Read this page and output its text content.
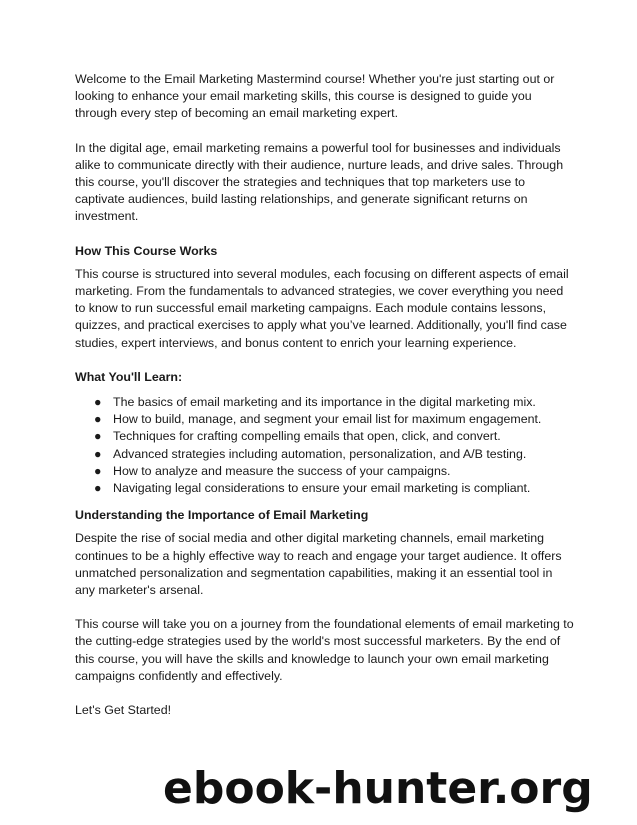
Welcome to the Email Marketing Mastermind course! Whether you're just starting out or looking to enhance your email marketing skills, this course is designed to guide you through every step of becoming an email marketing expert.

In the digital age, email marketing remains a powerful tool for businesses and individuals alike to communicate directly with their audience, nurture leads, and drive sales. Through this course, you'll discover the strategies and techniques that top marketers use to captivate audiences, build lasting relationships, and generate significant returns on investment.

How This Course Works

This course is structured into several modules, each focusing on different aspects of email marketing. From the fundamentals to advanced strategies, we cover everything you need to know to run successful email marketing campaigns. Each module contains lessons, quizzes, and practical exercises to apply what you’ve learned. Additionally, you'll find case studies, expert interviews, and bonus content to enrich your learning experience.

What You'll Learn:

● The basics of email marketing and its importance in the digital marketing mix.
● How to build, manage, and segment your email list for maximum engagement.
● Techniques for crafting compelling emails that open, click, and convert.
● Advanced strategies including automation, personalization, and A/B testing.
● How to analyze and measure the success of your campaigns.
● Navigating legal considerations to ensure your email marketing is compliant.

Understanding the Importance of Email Marketing

Despite the rise of social media and other digital marketing channels, email marketing continues to be a highly effective way to reach and engage your target audience. It offers unmatched personalization and segmentation capabilities, making it an essential tool in any marketer's arsenal.

This course will take you on a journey from the foundational elements of email marketing to the cutting-edge strategies used by the world's most successful marketers. By the end of this course, you will have the skills and knowledge to launch your own email marketing campaigns confidently and effectively.

Let's Get Started!

ebook-hunter.org
